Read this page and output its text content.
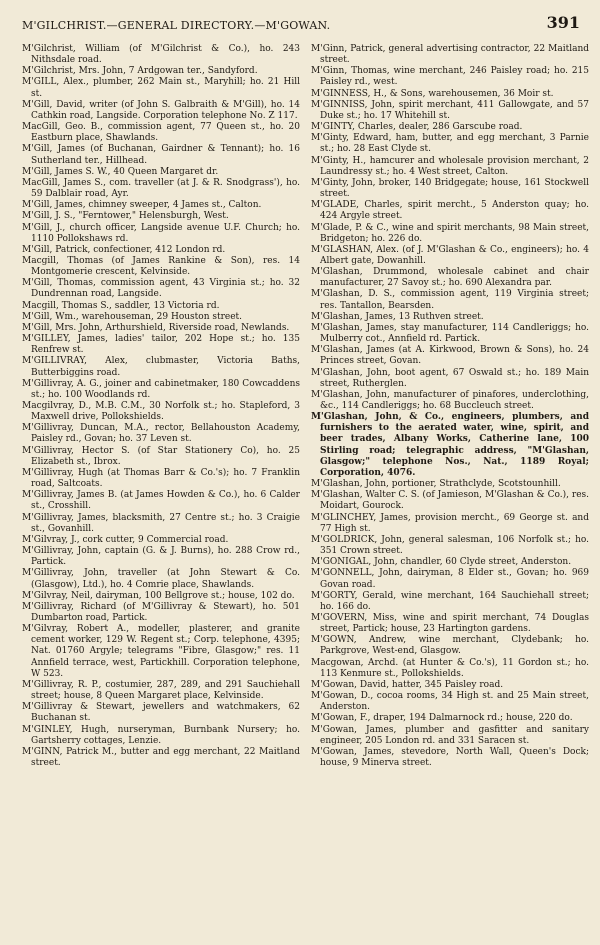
M'GILCHRIST.—GENERAL DIRECTORY.—M'GOWAN.	391

M'Gilchrist, William (of M'Gilchrist & Co.), ho. 243 Nithsdale road.

M'Gilchrist, Mrs. John, 7 Ardgowan ter., Sandyford.

M'GILL, Alex., plumber, 262 Main st., Maryhill; ho. 21 Hill st.

M'Gill, David, writer (of John S. Galbraith & M'Gill), ho. 14 Cathkin road, Langside. Corporation telephone No. Z 117.

MacGill, Geo. B., commission agent, 77 Queen st., ho. 20 Eastburn place, Shawlands.

M'Gill, James (of Buchanan, Gairdner & Tennant); ho. 16 Sutherland ter., Hillhead.

M'Gill, James S. W., 40 Queen Margaret dr.

MacGill, James S., com. traveller (at J. & R. Snodgrass'), ho. 59 Dalblair road, Ayr.

M'Gill, James, chimney sweeper, 4 James st., Calton.

M'Gill, J. S., "Ferntower," Helensburgh, West.

M'Gill, J., church officer, Langside avenue U.F. Church; ho. 1110 Pollokshaws rd.

M'Gill, Patrick, confectioner, 412 London rd.

Macgill, Thomas (of James Rankine & Son), res. 14 Montgomerie crescent, Kelvinside.

M'Gill, Thomas, commission agent, 43 Virginia st.; ho. 32 Dundrennan road, Langside.

Macgill, Thomas S., saddler, 13 Victoria rd.

M'Gill, Wm., warehouseman, 29 Houston street.

M'Gill, Mrs. John, Arthurshield, Riverside road, Newlands.

M'GILLEY, James, ladies' tailor, 202 Hope st.; ho. 135 Renfrew st.

M'GILLIVRAY, Alex, clubmaster, Victoria Baths, Butterbiggins road.

M'Gillivray, A. G., joiner and cabinetmaker, 180 Cowcaddens st.; ho. 100 Woodlands rd.

Macgilvray, D., M.B. C.M., 30 Norfolk st.; ho. Stapleford, 3 Maxwell drive, Pollokshields.

M'Gillivray, Duncan, M.A., rector, Bellahouston Academy, Paisley rd., Govan; ho. 37 Leven st.

M'Gillivray, Hector S. (of Star Stationery Co), ho. 25 Elizabeth st., Ibrox.

M'Gillivray, Hugh (at Thomas Barr & Co.'s); ho. 7 Franklin road, Saltcoats.

M'Gillivray, James B. (at James Howden & Co.), ho. 6 Calder st., Crosshill.

M'Gillivray, James, blacksmith, 27 Centre st.; ho. 3 Craigie st., Govanhill.

M'Gilvray, J., cork cutter, 9 Commercial road.

M'Gillivray, John, captain (G. & J. Burns), ho. 288 Crow rd., Partick.

M'Gillivray, John, traveller (at John Stewart & Co. (Glasgow), Ltd.), ho. 4 Comrie place, Shawlands.

M'Gilvray, Neil, dairyman, 100 Bellgrove st.; house, 102 do.

M'Gillivray, Richard (of M'Gillivray & Stewart), ho. 501 Dumbarton road, Partick.

M'Gilvray, Robert A., modeller, plasterer, and granite cement worker, 129 W. Regent st.; Corp. telephone, 4395; Nat. 01760 Argyle; telegrams "Fibre, Glasgow;" res. 11 Annfield terrace, west, Partickhill. Corporation telephone, W 523.

M'Gillivray, R. P., costumier, 287, 289, and 291 Sauchiehall street; house, 8 Queen Margaret place, Kelvinside.

M'Gillivray & Stewart, jewellers and watchmakers, 62 Buchanan st.

M'GINLEY, Hugh, nurseryman, Burnbank Nursery; ho. Gartsherry cottages, Lenzie.

M'GINN, Patrick M., butter and egg merchant, 22 Maitland street.

M'Ginn, Patrick, general advertising contractor, 22 Maitland street.

M'Ginn, Thomas, wine merchant, 246 Paisley road; ho. 215 Paisley rd., west.

M'GINNESS, H., & Sons, warehousemen, 36 Moir st.

M'GINNISS, John, spirit merchant, 411 Gallowgate, and 57 Duke st.; ho. 17 Whitehill st.

M'GINTY, Charles, dealer, 286 Garscube road.

M'Ginty, Edward, ham, butter, and egg merchant, 3 Parnie st.; ho. 28 East Clyde st.

M'Ginty, H., hamcurer and wholesale provision merchant, 2 Laundressy st.; ho. 4 West street, Calton.

M'Ginty, John, broker, 140 Bridgegate; house, 161 Stockwell street.

M'GLADE, Charles, spirit mercht., 5 Anderston quay; ho. 424 Argyle street.

M'Glade, P. & C., wine and spirit merchants, 98 Main street, Bridgeton; ho. 226 do.

M'GLASHAN, Alex. (of J. M'Glashan & Co., engineers); ho. 4 Albert gate, Dowanhill.

M'Glashan, Drummond, wholesale cabinet and chair manufacturer, 27 Savoy st.; ho. 690 Alexandra par.

M'Glashan, D. S., commission agent, 119 Virginia street; res. Tantallon, Bearsden.

M'Glashan, James, 13 Ruthven street.

M'Glashan, James, stay manufacturer, 114 Candleriggs; ho. Mulberry cot., Annfield rd. Partick.

M'Glashan, James (at A. Kirkwood, Brown & Sons), ho. 24 Princes street, Govan.

M'Glashan, John, boot agent, 67 Oswald st.; ho. 189 Main street, Rutherglen.

M'Glashan, John, manufacturer of pinafores, underclothing, &c., 114 Candleriggs; ho. 68 Buccleuch street.

M'Glashan, John, & Co., engineers, plumbers, and furnishers to the aerated water, wine, spirit, and beer trades, Albany Works, Catherine lane, 100 Stirling road; telegraphic address, "M'Glashan, Glasgow;" telephone Nos., Nat., 1189 Royal; Corporation, 4076.

M'Glashan, John, portioner, Strathclyde, Scotstounhill.

M'Glashan, Walter C. S. (of Jamieson, M'Glashan & Co.), res. Moidart, Gourock.

M'GLINCHEY, James, provision mercht., 69 George st. and 77 High st.

M'GOLDRICK, John, general salesman, 106 Norfolk st.; ho. 351 Crown street.

M'GONIGAL, John, chandler, 60 Clyde street, Anderston.

M'GONNELL, John, dairyman, 8 Elder st., Govan; ho. 969 Govan road.

M'GORTY, Gerald, wine merchant, 164 Sauchiehall street; ho. 166 do.

M'GOVERN, Miss, wine and spirit merchant, 74 Douglas street, Partick; house, 23 Hartington gardens.

M'GOWN, Andrew, wine merchant, Clydebank; ho. Parkgrove, West-end, Glasgow.

Macgowan, Archd. (at Hunter & Co.'s), 11 Gordon st.; ho. 113 Kenmure st., Pollokshields.

M'Gowan, David, hatter, 345 Paisley road.

M'Gowan, D., cocoa rooms, 34 High st. and 25 Main street, Anderston.

M'Gowan, F., draper, 194 Dalmarnock rd.; house, 220 do.

M'Gowan, James, plumber and gasfitter and sanitary engineer, 205 London rd. and 331 Saracen st.

M'Gowan, James, stevedore, North Wall, Queen's Dock; house, 9 Minerva street.
